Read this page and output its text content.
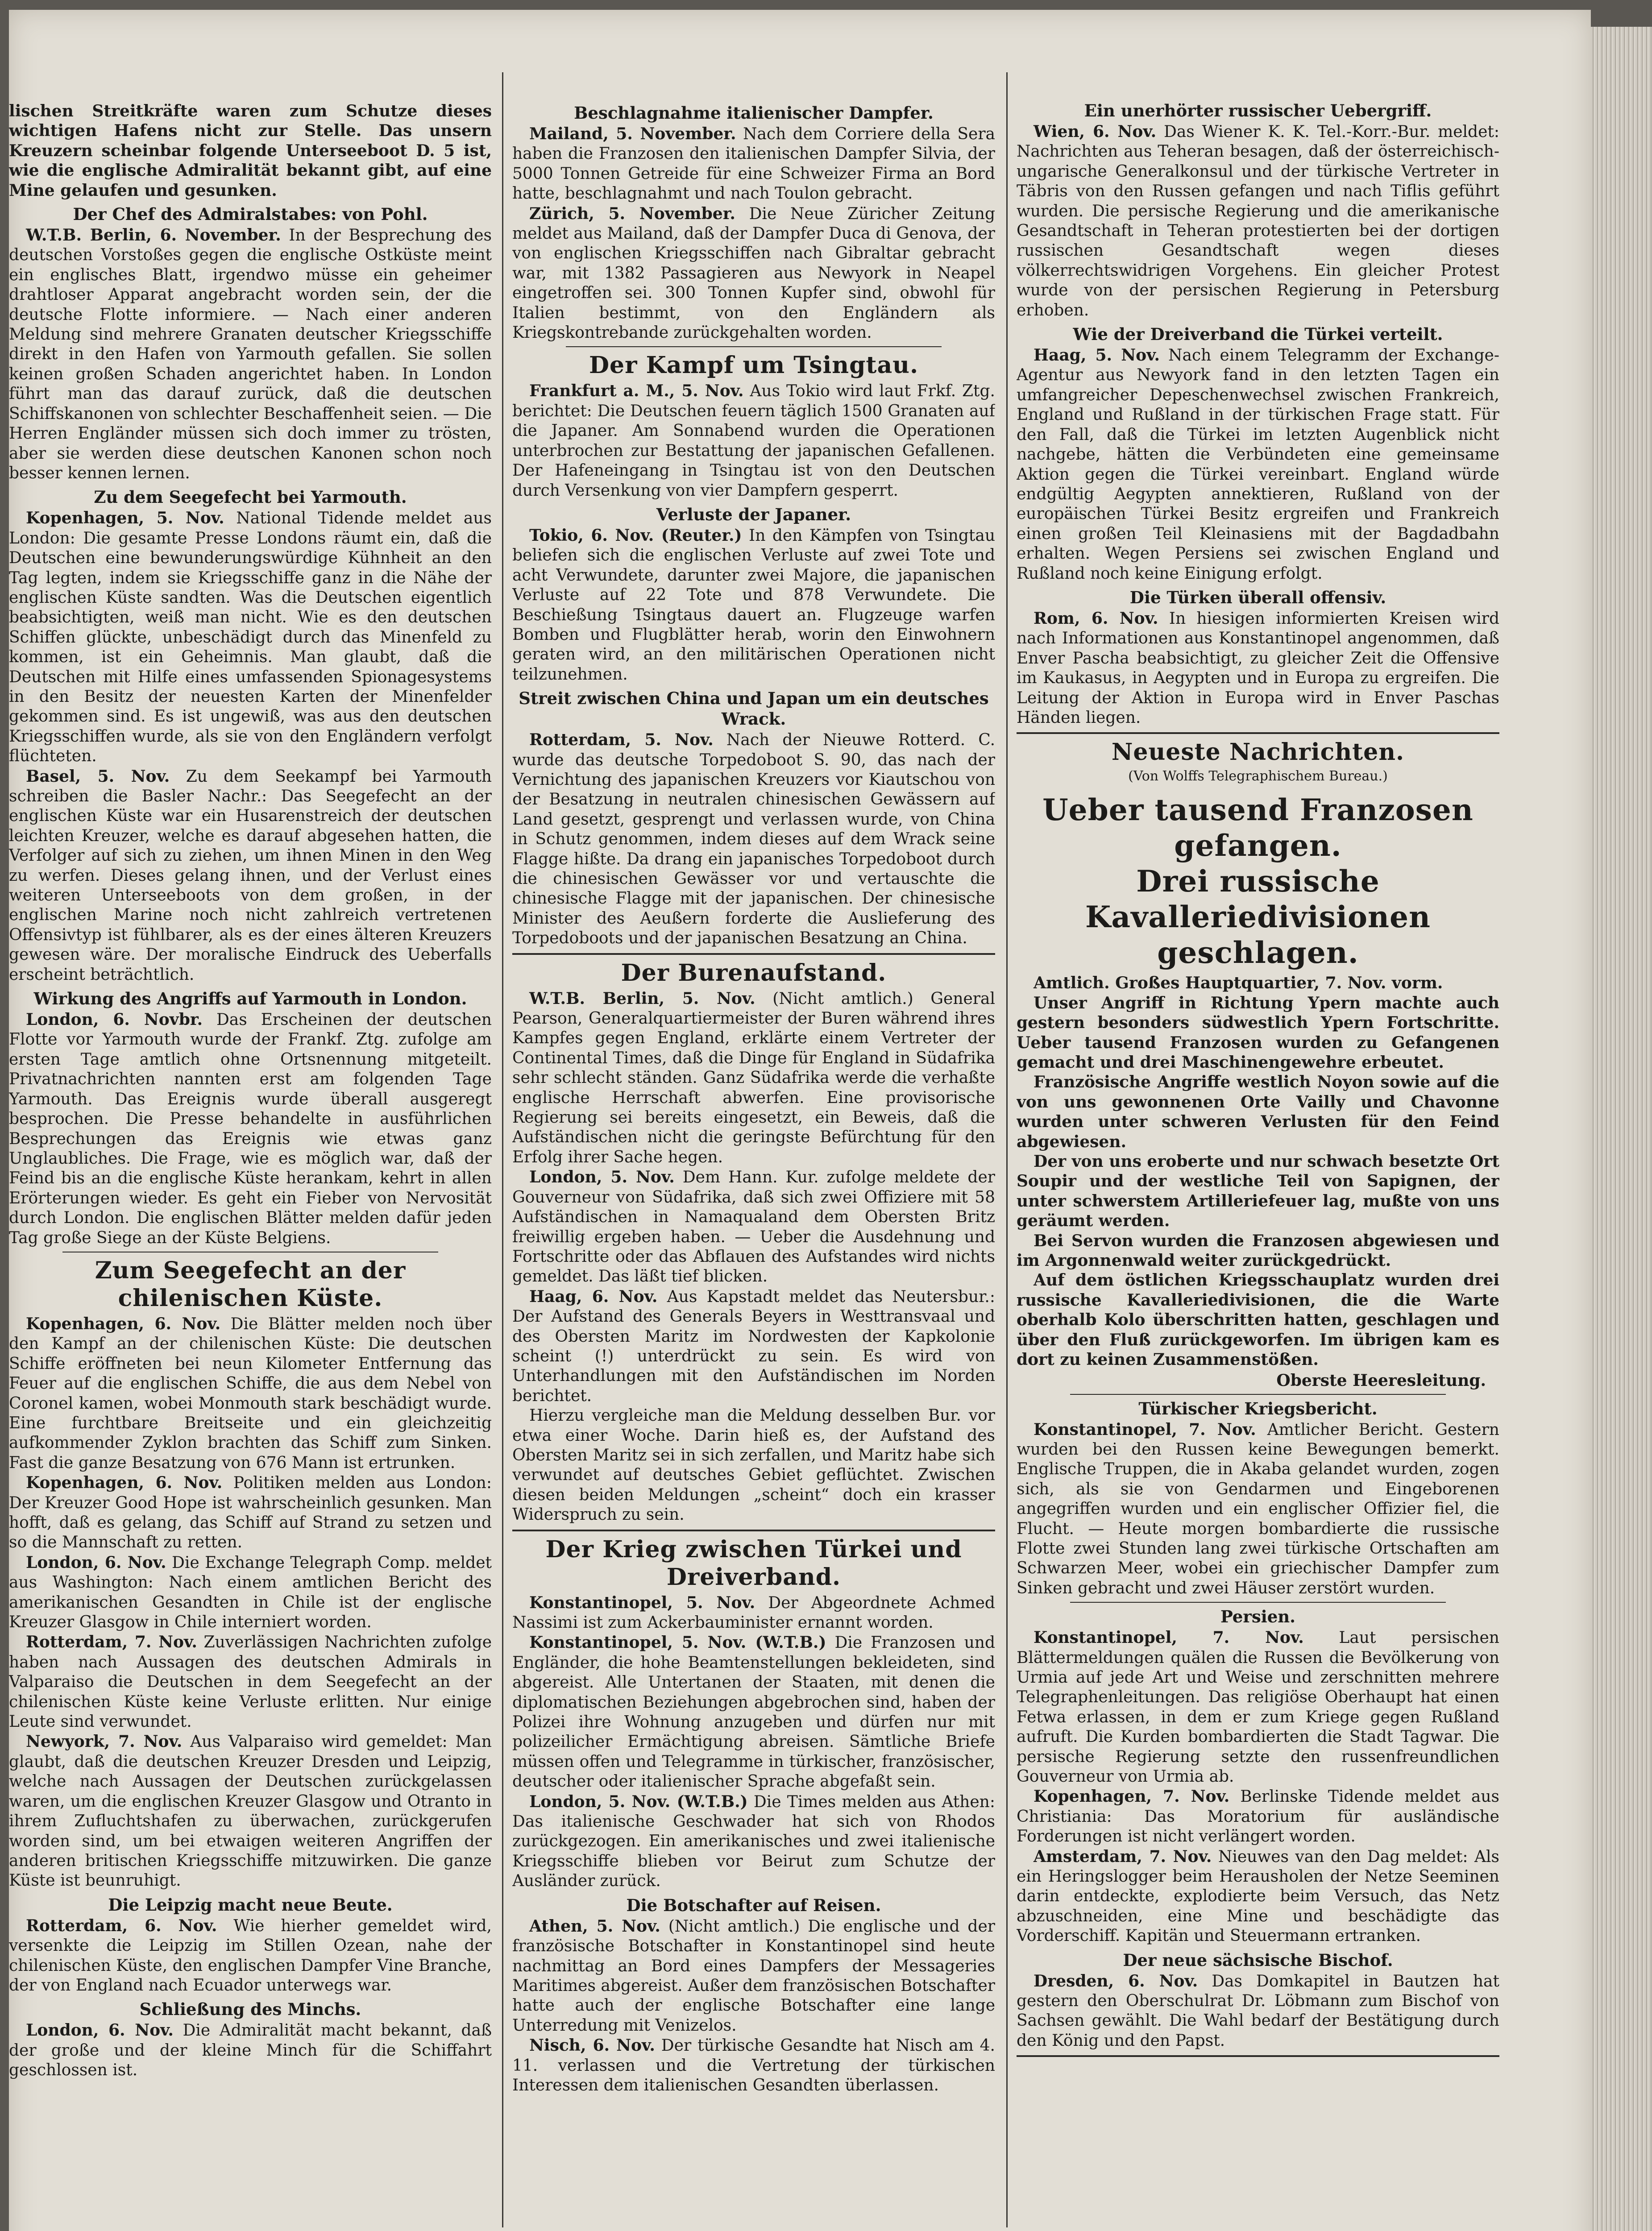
lischen Streitkräfte waren zum Schutze dieses wichtigen Hafens nicht zur Stelle. Das unsern Kreuzern scheinbar folgende Unterseeboot D. 5 ist, wie die englische Admiralität bekannt gibt, auf eine Mine gelaufen und gesunken.

Der Chef des Admiralstabes: von Pohl.

W.T.B. Berlin, 6. November. In der Besprechung des deutschen Vorstoßes gegen die englische Ostküste meint ein englisches Blatt, irgendwo müsse ein geheimer drahtloser Apparat angebracht worden sein, der die deutsche Flotte informiere. — Nach einer anderen Meldung sind mehrere Granaten deutscher Kriegsschiffe direkt in den Hafen von Yarmouth gefallen. Sie sollen keinen großen Schaden angerichtet haben. In London führt man das darauf zurück, daß die deutschen Schiffskanonen von schlechter Beschaffenheit seien. — Die Herren Engländer müssen sich doch immer zu trösten, aber sie werden diese deutschen Kanonen schon noch besser kennen lernen.

Zu dem Seegefecht bei Yarmouth.

Kopenhagen, 5. Nov. National Tidende meldet aus London: Die gesamte Presse Londons räumt ein, daß die Deutschen eine bewunderungswürdige Kühnheit an den Tag legten, indem sie Kriegsschiffe ganz in die Nähe der englischen Küste sandten. Was die Deutschen eigentlich beabsichtigten, weiß man nicht. Wie es den deutschen Schiffen glückte, unbeschädigt durch das Minenfeld zu kommen, ist ein Geheimnis. Man glaubt, daß die Deutschen mit Hilfe eines umfassenden Spionagesystems in den Besitz der neuesten Karten der Minenfelder gekommen sind. Es ist ungewiß, was aus den deutschen Kriegsschiffen wurde, als sie von den Engländern verfolgt flüchteten.

Basel, 5. Nov. Zu dem Seekampf bei Yarmouth schreiben die Basler Nachr.: Das Seegefecht an der englischen Küste war ein Husarenstreich der deutschen leichten Kreuzer, welche es darauf abgesehen hatten, die Verfolger auf sich zu ziehen, um ihnen Minen in den Weg zu werfen. Dieses gelang ihnen, und der Verlust eines weiteren Unterseeboots von dem großen, in der englischen Marine noch nicht zahlreich vertretenen Offensivtyp ist fühlbarer, als es der eines älteren Kreuzers gewesen wäre. Der moralische Eindruck des Ueberfalls erscheint beträchtlich.

Wirkung des Angriffs auf Yarmouth in London.

London, 6. Novbr. Das Erscheinen der deutschen Flotte vor Yarmouth wurde der Frankf. Ztg. zufolge am ersten Tage amtlich ohne Ortsnennung mitgeteilt. Privatnachrichten nannten erst am folgenden Tage Yarmouth. Das Ereignis wurde überall ausgeregt besprochen. Die Presse behandelte in ausführlichen Besprechungen das Ereignis wie etwas ganz Unglaubliches. Die Frage, wie es möglich war, daß der Feind bis an die englische Küste herankam, kehrt in allen Erörterungen wieder. Es geht ein Fieber von Nervosität durch London. Die englischen Blätter melden dafür jeden Tag große Siege an der Küste Belgiens.

Zum Seegefecht an der chilenischen Küste.

Kopenhagen, 6. Nov. Die Blätter melden noch über den Kampf an der chilenischen Küste: Die deutschen Schiffe eröffneten bei neun Kilometer Entfernung das Feuer auf die englischen Schiffe, die aus dem Nebel von Coronel kamen, wobei Monmouth stark beschädigt wurde. Eine furchtbare Breitseite und ein gleichzeitig aufkommender Zyklon brachten das Schiff zum Sinken. Fast die ganze Besatzung von 676 Mann ist ertrunken.

Kopenhagen, 6. Nov. Politiken melden aus London: Der Kreuzer Good Hope ist wahrscheinlich gesunken. Man hofft, daß es gelang, das Schiff auf Strand zu setzen und so die Mannschaft zu retten.

London, 6. Nov. Die Exchange Telegraph Comp. meldet aus Washington: Nach einem amtlichen Bericht des amerikanischen Gesandten in Chile ist der englische Kreuzer Glasgow in Chile interniert worden.

Rotterdam, 7. Nov. Zuverlässigen Nachrichten zufolge haben nach Aussagen des deutschen Admirals in Valparaiso die Deutschen in dem Seegefecht an der chilenischen Küste keine Verluste erlitten. Nur einige Leute sind verwundet.

Newyork, 7. Nov. Aus Valparaiso wird gemeldet: Man glaubt, daß die deutschen Kreuzer Dresden und Leipzig, welche nach Aussagen der Deutschen zurückgelassen waren, um die englischen Kreuzer Glasgow und Otranto in ihrem Zufluchtshafen zu überwachen, zurückgerufen worden sind, um bei etwaigen weiteren Angriffen der anderen britischen Kriegsschiffe mitzuwirken. Die ganze Küste ist beunruhigt.

Die Leipzig macht neue Beute.

Rotterdam, 6. Nov. Wie hierher gemeldet wird, versenkte die Leipzig im Stillen Ozean, nahe der chilenischen Küste, den englischen Dampfer Vine Branche, der von England nach Ecuador unterwegs war.

Schließung des Minchs.

London, 6. Nov. Die Admiralität macht bekannt, daß der große und der kleine Minch für die Schiffahrt geschlossen ist.

Beschlagnahme italienischer Dampfer.

Mailand, 5. November. Nach dem Corriere della Sera haben die Franzosen den italienischen Dampfer Silvia, der 5000 Tonnen Getreide für eine Schweizer Firma an Bord hatte, beschlagnahmt und nach Toulon gebracht.

Zürich, 5. November. Die Neue Züricher Zeitung meldet aus Mailand, daß der Dampfer Duca di Genova, der von englischen Kriegsschiffen nach Gibraltar gebracht war, mit 1382 Passagieren aus Newyork in Neapel eingetroffen sei. 300 Tonnen Kupfer sind, obwohl für Italien bestimmt, von den Engländern als Kriegskontrebande zurückgehalten worden.

Der Kampf um Tsingtau.

Frankfurt a. M., 5. Nov. Aus Tokio wird laut Frkf. Ztg. berichtet: Die Deutschen feuern täglich 1500 Granaten auf die Japaner. Am Sonnabend wurden die Operationen unterbrochen zur Bestattung der japanischen Gefallenen. Der Hafeneingang in Tsingtau ist von den Deutschen durch Versenkung von vier Dampfern gesperrt.

Verluste der Japaner.

Tokio, 6. Nov. (Reuter.) In den Kämpfen von Tsingtau beliefen sich die englischen Verluste auf zwei Tote und acht Verwundete, darunter zwei Majore, die japanischen Verluste auf 22 Tote und 878 Verwundete. Die Beschießung Tsingtaus dauert an. Flugzeuge warfen Bomben und Flugblätter herab, worin den Einwohnern geraten wird, an den militärischen Operationen nicht teilzunehmen.

Streit zwischen China und Japan um ein deutsches Wrack.

Rotterdam, 5. Nov. Nach der Nieuwe Rotterd. C. wurde das deutsche Torpedoboot S. 90, das nach der Vernichtung des japanischen Kreuzers vor Kiautschou von der Besatzung in neutralen chinesischen Gewässern auf Land gesetzt, gesprengt und verlassen wurde, von China in Schutz genommen, indem dieses auf dem Wrack seine Flagge hißte. Da drang ein japanisches Torpedoboot durch die chinesischen Gewässer vor und vertauschte die chinesische Flagge mit der japanischen. Der chinesische Minister des Aeußern forderte die Auslieferung des Torpedoboots und der japanischen Besatzung an China.

Der Burenaufstand.

W.T.B. Berlin, 5. Nov. (Nicht amtlich.) General Pearson, Generalquartiermeister der Buren während ihres Kampfes gegen England, erklärte einem Vertreter der Continental Times, daß die Dinge für England in Südafrika sehr schlecht ständen. Ganz Südafrika werde die verhaßte englische Herrschaft abwerfen. Eine provisorische Regierung sei bereits eingesetzt, ein Beweis, daß die Aufständischen nicht die geringste Befürchtung für den Erfolg ihrer Sache hegen.

London, 5. Nov. Dem Hann. Kur. zufolge meldete der Gouverneur von Südafrika, daß sich zwei Offiziere mit 58 Aufständischen in Namaqualand dem Obersten Britz freiwillig ergeben haben. — Ueber die Ausdehnung und Fortschritte oder das Abflauen des Aufstandes wird nichts gemeldet. Das läßt tief blicken.

Haag, 6. Nov. Aus Kapstadt meldet das Neutersbur.: Der Aufstand des Generals Beyers in Westtransvaal und des Obersten Maritz im Nordwesten der Kapkolonie scheint (!) unterdrückt zu sein. Es wird von Unterhandlungen mit den Aufständischen im Norden berichtet.

Hierzu vergleiche man die Meldung desselben Bur. vor etwa einer Woche. Darin hieß es, der Aufstand des Obersten Maritz sei in sich zerfallen, und Maritz habe sich verwundet auf deutsches Gebiet geflüchtet. Zwischen diesen beiden Meldungen „scheint“ doch ein krasser Widerspruch zu sein.

Der Krieg zwischen Türkei und Dreiverband.

Konstantinopel, 5. Nov. Der Abgeordnete Achmed Nassimi ist zum Ackerbauminister ernannt worden.

Konstantinopel, 5. Nov. (W.T.B.) Die Franzosen und Engländer, die hohe Beamtenstellungen bekleideten, sind abgereist. Alle Untertanen der Staaten, mit denen die diplomatischen Beziehungen abgebrochen sind, haben der Polizei ihre Wohnung anzugeben und dürfen nur mit polizeilicher Ermächtigung abreisen. Sämtliche Briefe müssen offen und Telegramme in türkischer, französischer, deutscher oder italienischer Sprache abgefaßt sein.

London, 5. Nov. (W.T.B.) Die Times melden aus Athen: Das italienische Geschwader hat sich von Rhodos zurückgezogen. Ein amerikanisches und zwei italienische Kriegsschiffe blieben vor Beirut zum Schutze der Ausländer zurück.

Die Botschafter auf Reisen.

Athen, 5. Nov. (Nicht amtlich.) Die englische und der französische Botschafter in Konstantinopel sind heute nachmittag an Bord eines Dampfers der Messageries Maritimes abgereist. Außer dem französischen Botschafter hatte auch der englische Botschafter eine lange Unterredung mit Venizelos.

Nisch, 6. Nov. Der türkische Gesandte hat Nisch am 4. 11. verlassen und die Vertretung der türkischen Interessen dem italienischen Gesandten überlassen.

Ein unerhörter russischer Uebergriff.

Wien, 6. Nov. Das Wiener K. K. Tel.-Korr.-Bur. meldet: Nachrichten aus Teheran besagen, daß der österreichisch-ungarische Generalkonsul und der türkische Vertreter in Täbris von den Russen gefangen und nach Tiflis geführt wurden. Die persische Regierung und die amerikanische Gesandtschaft in Teheran protestierten bei der dortigen russischen Gesandtschaft wegen dieses völkerrechtswidrigen Vorgehens. Ein gleicher Protest wurde von der persischen Regierung in Petersburg erhoben.

Wie der Dreiverband die Türkei verteilt.

Haag, 5. Nov. Nach einem Telegramm der Exchange-Agentur aus Newyork fand in den letzten Tagen ein umfangreicher Depeschenwechsel zwischen Frankreich, England und Rußland in der türkischen Frage statt. Für den Fall, daß die Türkei im letzten Augenblick nicht nachgebe, hätten die Verbündeten eine gemeinsame Aktion gegen die Türkei vereinbart. England würde endgültig Aegypten annektieren, Rußland von der europäischen Türkei Besitz ergreifen und Frankreich einen großen Teil Kleinasiens mit der Bagdadbahn erhalten. Wegen Persiens sei zwischen England und Rußland noch keine Einigung erfolgt.

Die Türken überall offensiv.

Rom, 6. Nov. In hiesigen informierten Kreisen wird nach Informationen aus Konstantinopel angenommen, daß Enver Pascha beabsichtigt, zu gleicher Zeit die Offensive im Kaukasus, in Aegypten und in Europa zu ergreifen. Die Leitung der Aktion in Europa wird in Enver Paschas Händen liegen.

Neueste Nachrichten.
(Von Wolffs Telegraphischem Bureau.)
Ueber tausend Franzosen gefangen.
Drei russische Kavalleriedivisionen geschlagen.

Amtlich. Großes Hauptquartier, 7. Nov. vorm.

Unser Angriff in Richtung Ypern machte auch gestern besonders südwestlich Ypern Fortschritte. Ueber tausend Franzosen wurden zu Gefangenen gemacht und drei Maschinengewehre erbeutet.

Französische Angriffe westlich Noyon sowie auf die von uns gewonnenen Orte Vailly und Chavonne wurden unter schweren Verlusten für den Feind abgewiesen.

Der von uns eroberte und nur schwach besetzte Ort Soupir und der westliche Teil von Sapignen, der unter schwerstem Artilleriefeuer lag, mußte von uns geräumt werden.

Bei Servon wurden die Franzosen abgewiesen und im Argonnenwald weiter zurückgedrückt.

Auf dem östlichen Kriegsschauplatz wurden drei russische Kavalleriedivisionen, die die Warte oberhalb Kolo überschritten hatten, geschlagen und über den Fluß zurückgeworfen. Im übrigen kam es dort zu keinen Zusammenstößen.

Oberste Heeresleitung.
Türkischer Kriegsbericht.

Konstantinopel, 7. Nov. Amtlicher Bericht. Gestern wurden bei den Russen keine Bewegungen bemerkt. Englische Truppen, die in Akaba gelandet wurden, zogen sich, als sie von Gendarmen und Eingeborenen angegriffen wurden und ein englischer Offizier fiel, die Flucht. — Heute morgen bombardierte die russische Flotte zwei Stunden lang zwei türkische Ortschaften am Schwarzen Meer, wobei ein griechischer Dampfer zum Sinken gebracht und zwei Häuser zerstört wurden.

Persien.

Konstantinopel, 7. Nov. Laut persischen Blättermeldungen quälen die Russen die Bevölkerung von Urmia auf jede Art und Weise und zerschnitten mehrere Telegraphenleitungen. Das religiöse Oberhaupt hat einen Fetwa erlassen, in dem er zum Kriege gegen Rußland aufruft. Die Kurden bombardierten die Stadt Tagwar. Die persische Regierung setzte den russenfreundlichen Gouverneur von Urmia ab.

Kopenhagen, 7. Nov. Berlinske Tidende meldet aus Christiania: Das Moratorium für ausländische Forderungen ist nicht verlängert worden.

Amsterdam, 7. Nov. Nieuwes van den Dag meldet: Als ein Heringslogger beim Herausholen der Netze Seeminen darin entdeckte, explodierte beim Versuch, das Netz abzuschneiden, eine Mine und beschädigte das Vorderschiff. Kapitän und Steuermann ertranken.

Der neue sächsische Bischof.

Dresden, 6. Nov. Das Domkapitel in Bautzen hat gestern den Oberschulrat Dr. Löbmann zum Bischof von Sachsen gewählt. Die Wahl bedarf der Bestätigung durch den König und den Papst.
